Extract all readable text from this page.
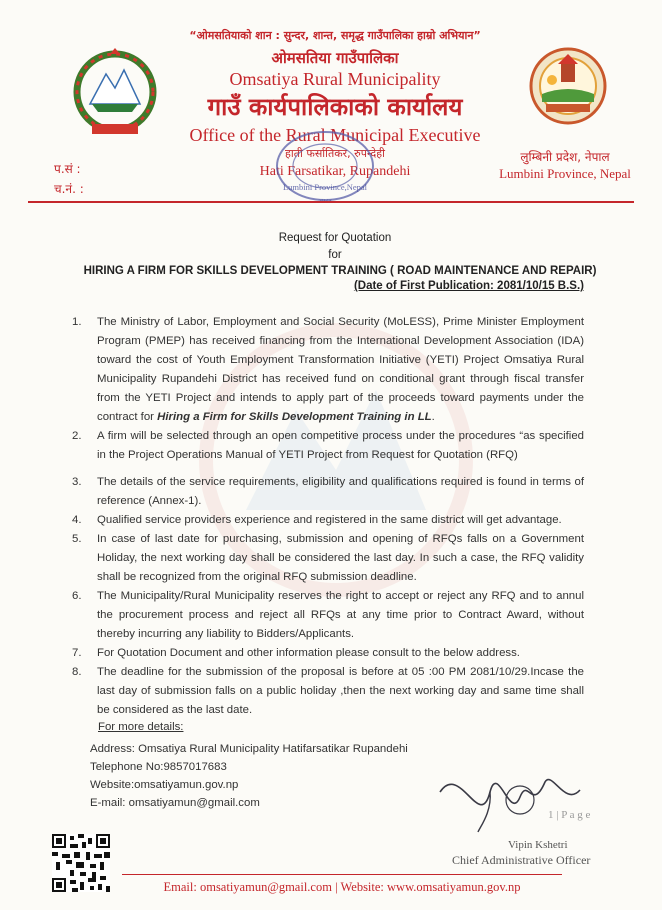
“ओमसतियाको शान : सुन्दर, शान्त, समृद्ध गाउँपालिका हाम्रो अभियान”
ओमसतिया गाउँपालिका
Omsatiya Rural Municipality
गाउँ कार्यपालिकाको कार्यालय
Office of the Rural Municipal Executive
हाती फर्सातिकर, रुपन्देही
Hati Farsatikar, Rupandehi
प.सं :
च.नं. :
लुम्बिनी प्रदेश, नेपाल
Lumbini Province, Nepal
Lumbini Province,Nepal
Request for Quotation
for
HIRING A FIRM FOR SKILLS DEVELOPMENT TRAINING ( ROAD MAINTENANCE AND REPAIR)
(Date of First Publication: 2081/10/15 B.S.)
1. The Ministry of Labor, Employment and Social Security (MoLESS), Prime Minister Employment Program (PMEP) has received financing from the International Development Association (IDA) toward the cost of Youth Employment Transformation Initiative (YETI) Project Omsatiya Rural Municipality Rupandehi District has received fund on conditional grant through fiscal transfer from the YETI Project and intends to apply part of the proceeds toward payments under the contract for Hiring a Firm for Skills Development Training in LL.
2. A firm will be selected through an open competitive process under the procedures “as specified in the Project Operations Manual of YETI Project from Request for Quotation (RFQ)
3. The details of the service requirements, eligibility and qualifications required is found in terms of reference (Annex-1).
4. Qualified service providers experience and registered in the same district will get advantage.
5. In case of last date for purchasing, submission and opening of RFQs falls on a Government Holiday, the next working day shall be considered the last day. In such a case, the RFQ validity shall be recognized from the original RFQ submission deadline.
6. The Municipality/Rural Municipality reserves the right to accept or reject any RFQ and to annul the procurement process and reject all RFQs at any time prior to Contract Award, without thereby incurring any liability to Bidders/Applicants.
7. For Quotation Document and other information please consult to the below address.
8. The deadline for the submission of the proposal is before at 05 :00 PM 2081/10/29.Incase the last day of submission falls on a public holiday ,then the next working day and same time shall be considered as the last date.
For more details:
Address: Omsatiya Rural Municipality Hatifarsatikar Rupandehi
Telephone No:9857017683
Website:omsatiyamun.gov.np
E-mail: omsatiyamun@gmail.com
1 | P a g e
Vipin Kshetri
Chief Administrative Officer
Email: omsatiyamun@gmail.com | Website: www.omsatiyamun.gov.np
